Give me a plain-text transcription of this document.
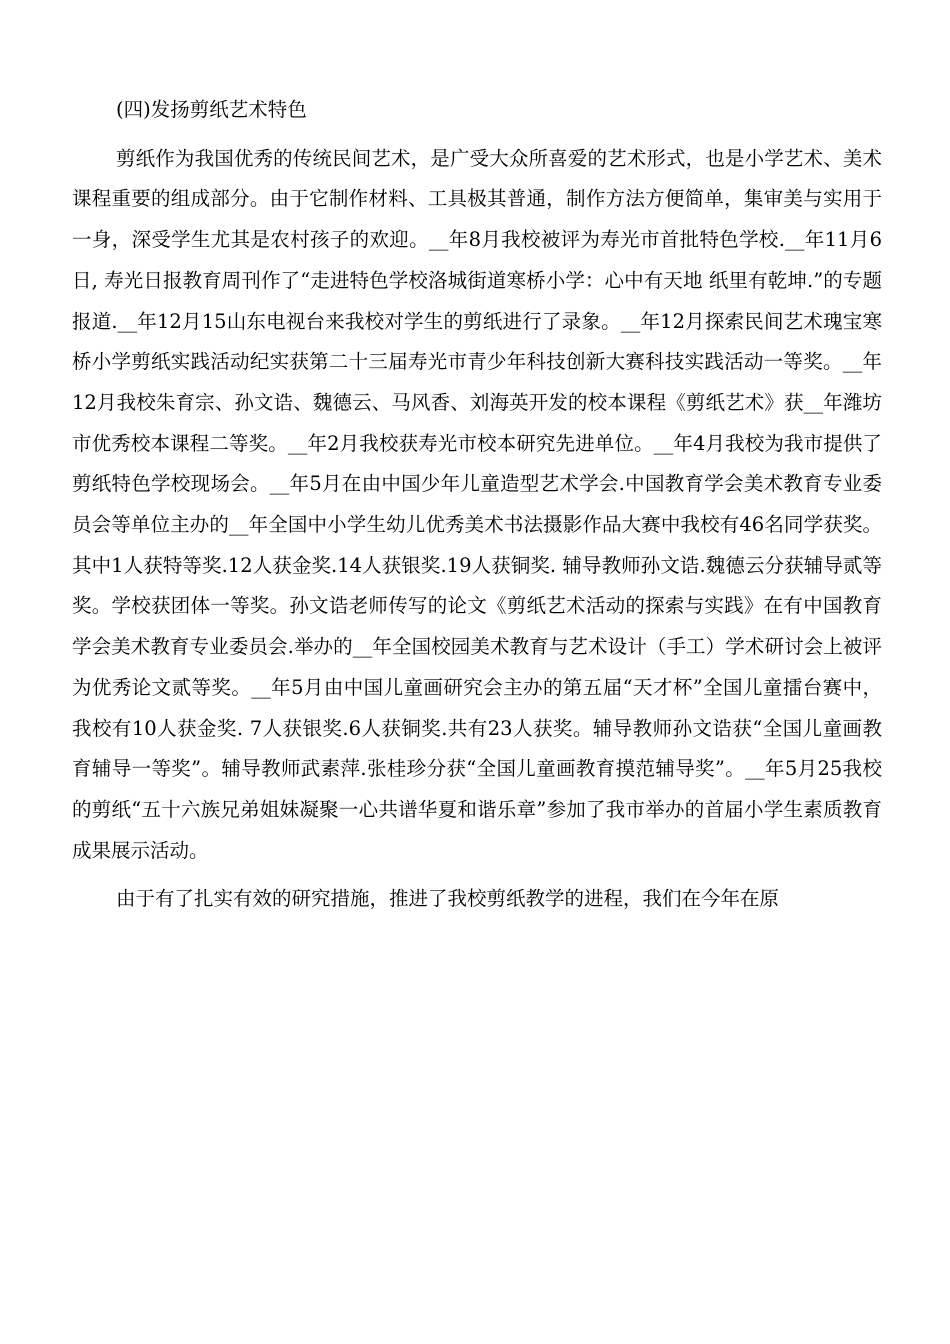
(四)发扬剪纸艺术特色

剪纸作为我国优秀的传统民间艺术，是广受大众所喜爱的艺术形式，也是小学艺术、美术课程重要的组成部分。由于它制作材料、工具极其普通，制作方法方便简单，集审美与实用于一身，深受学生尤其是农村孩子的欢迎。__年8月我校被评为寿光市首批特色学校.__年11月6日, 寿光日报教育周刊作了“走进特色学校洛城街道寒桥小学：心中有天地 纸里有乾坤.”的专题报道.__年12月15山东电视台来我校对学生的剪纸进行了录象。__年12月探索民间艺术瑰宝寒桥小学剪纸实践活动纪实获第二十三届寿光市青少年科技创新大赛科技实践活动一等奖。__年12月我校朱育宗、孙文诰、魏德云、马风香、刘海英开发的校本课程《剪纸艺术》获__年潍坊市优秀校本课程二等奖。__年2月我校获寿光市校本研究先进单位。__年4月我校为我市提供了剪纸特色学校现场会。__年5月在由中国少年儿童造型艺术学会.中国教育学会美术教育专业委员会等单位主办的__年全国中小学生幼儿优秀美术书法摄影作品大赛中我校有46名同学获奖。其中1人获特等奖.12人获金奖.14人获银奖.19人获铜奖. 辅导教师孙文诰.魏德云分获辅导贰等奖。学校获团体一等奖。孙文诰老师传写的论文《剪纸艺术活动的探索与实践》在有中国教育学会美术教育专业委员会.举办的__年全国校园美术教育与艺术设计（手工）学术研讨会上被评为优秀论文贰等奖。__年5月由中国儿童画研究会主办的第五届“天才杯”全国儿童擂台赛中，我校有10人获金奖. 7人获银奖.6人获铜奖.共有23人获奖。辅导教师孙文诰获“全国儿童画教育辅导一等奖”。辅导教师武素萍.张桂珍分获“全国儿童画教育摸范辅导奖”。__年5月25我校的剪纸“五十六族兄弟姐妹凝聚一心共谱华夏和谐乐章”参加了我市举办的首届小学生素质教育成果展示活动。

由于有了扎实有效的研究措施，推进了我校剪纸教学的进程，我们在今年在原
